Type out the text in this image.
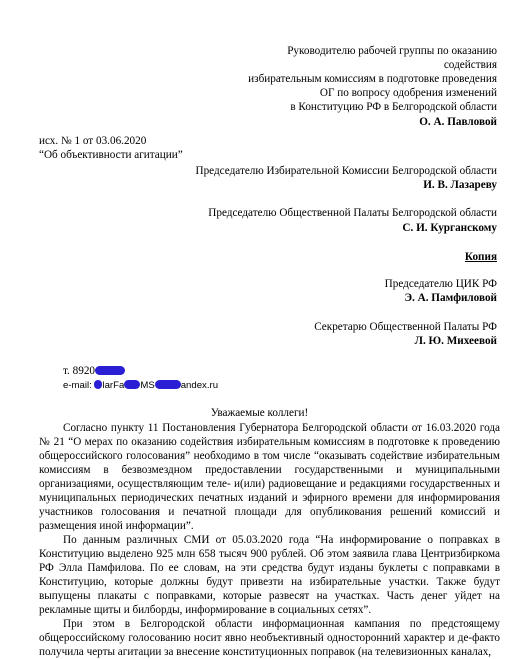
Руководителю рабочей группы по оказанию
содействия
избирательным комиссиям в подготовке проведения
ОГ по вопросу одобрения изменений
в Конституцию РФ в Белгородской области
О. А. Павловой
исх. № 1 от 03.06.2020
“Об объективности агитации”
Председателю Избирательной Комиссии Белгородской области
И. В. Лазареву
Председателю Общественной Палаты Белгородской области
С. И. Курганскому
Копия
Председателю ЦИК РФ
Э. А. Памфиловой
Секретарю Общественной Палаты РФ
Л. Ю. Михеевой
т. 8920
e-mail: larFa MS	andex.ru
Уважаемые коллеги!

Согласно пункту 11 Постановления Губернатора Белгородской области от 16.03.2020 года № 21 “О мерах по оказанию содействия избирательным комиссиям в подготовке к проведению общероссийского голосования” необходимо в том числе “оказывать содействие избирательным комиссиям в безвозмездном предоставлении государственными и муниципальными организациями, осуществляющим теле- и(или) радиовещание и редакциями государственных и муниципальных периодических печатных изданий и эфирного времени для информирования участников голосования и печатной площади для опубликования решений комиссий и размещения иной информации”.

По данным различных СМИ от 05.03.2020 года “На информирование о поправках в Конституцию выделено 925 млн 658 тысяч 900 рублей. Об этом заявила глава Центризбиркома РФ Элла Памфилова. По ее словам, на эти средства будут изданы буклеты с поправками в Конституцию, которые должны будут привезти на избирательные участки. Также будут выпущены плакаты с поправками, которые развесят на участках. Часть денег уйдет на рекламные щиты и билборды, информирование в социальных сетях”.

При этом в Белгородской области информационная кампания по предстоящему общероссийскому голосованию носит явно необъективный односторонний характер и де-факто получила черты агитации за внесение конституционных поправок (на телевизионных каналах,
